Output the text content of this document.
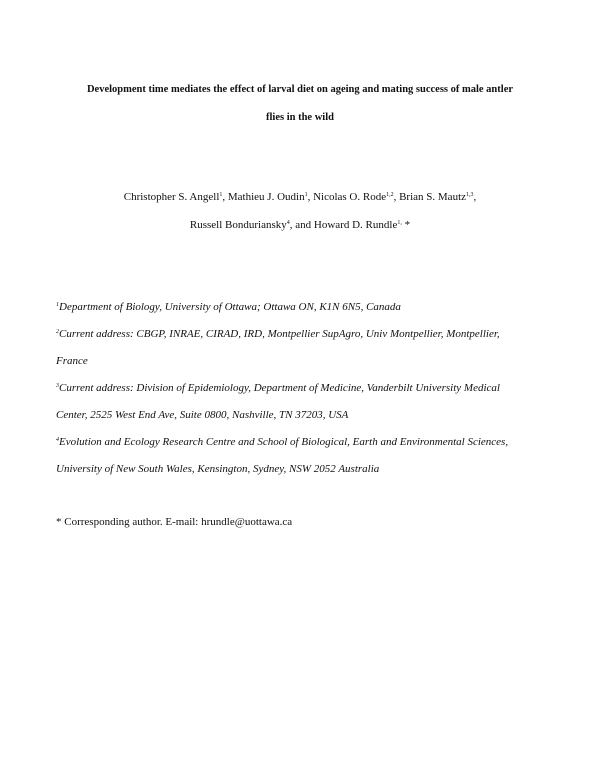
Development time mediates the effect of larval diet on ageing and mating success of male antler
flies in the wild
Christopher S. Angell$^1$, Mathieu J. Oudin$^1$, Nicolas O. Rode$^{1,2}$, Brian S. Mautz$^{1,3}$,
Russell Bonduriansky$^4$, and Howard D. Rundle$^{1,}$ *
$^1$Department of Biology, University of Ottawa; Ottawa ON, K1N 6N5, Canada
$^2$Current address: CBGP, INRAE, CIRAD, IRD, Montpellier SupAgro, Univ Montpellier, Montpellier,
France
$^3$Current address: Division of Epidemiology, Department of Medicine, Vanderbilt University Medical
Center, 2525 West End Ave, Suite 0800, Nashville, TN 37203, USA
$^4$Evolution and Ecology Research Centre and School of Biological, Earth and Environmental Sciences,
University of New South Wales, Kensington, Sydney, NSW 2052 Australia
* Corresponding author. E-mail: hrundle@uottawa.ca
